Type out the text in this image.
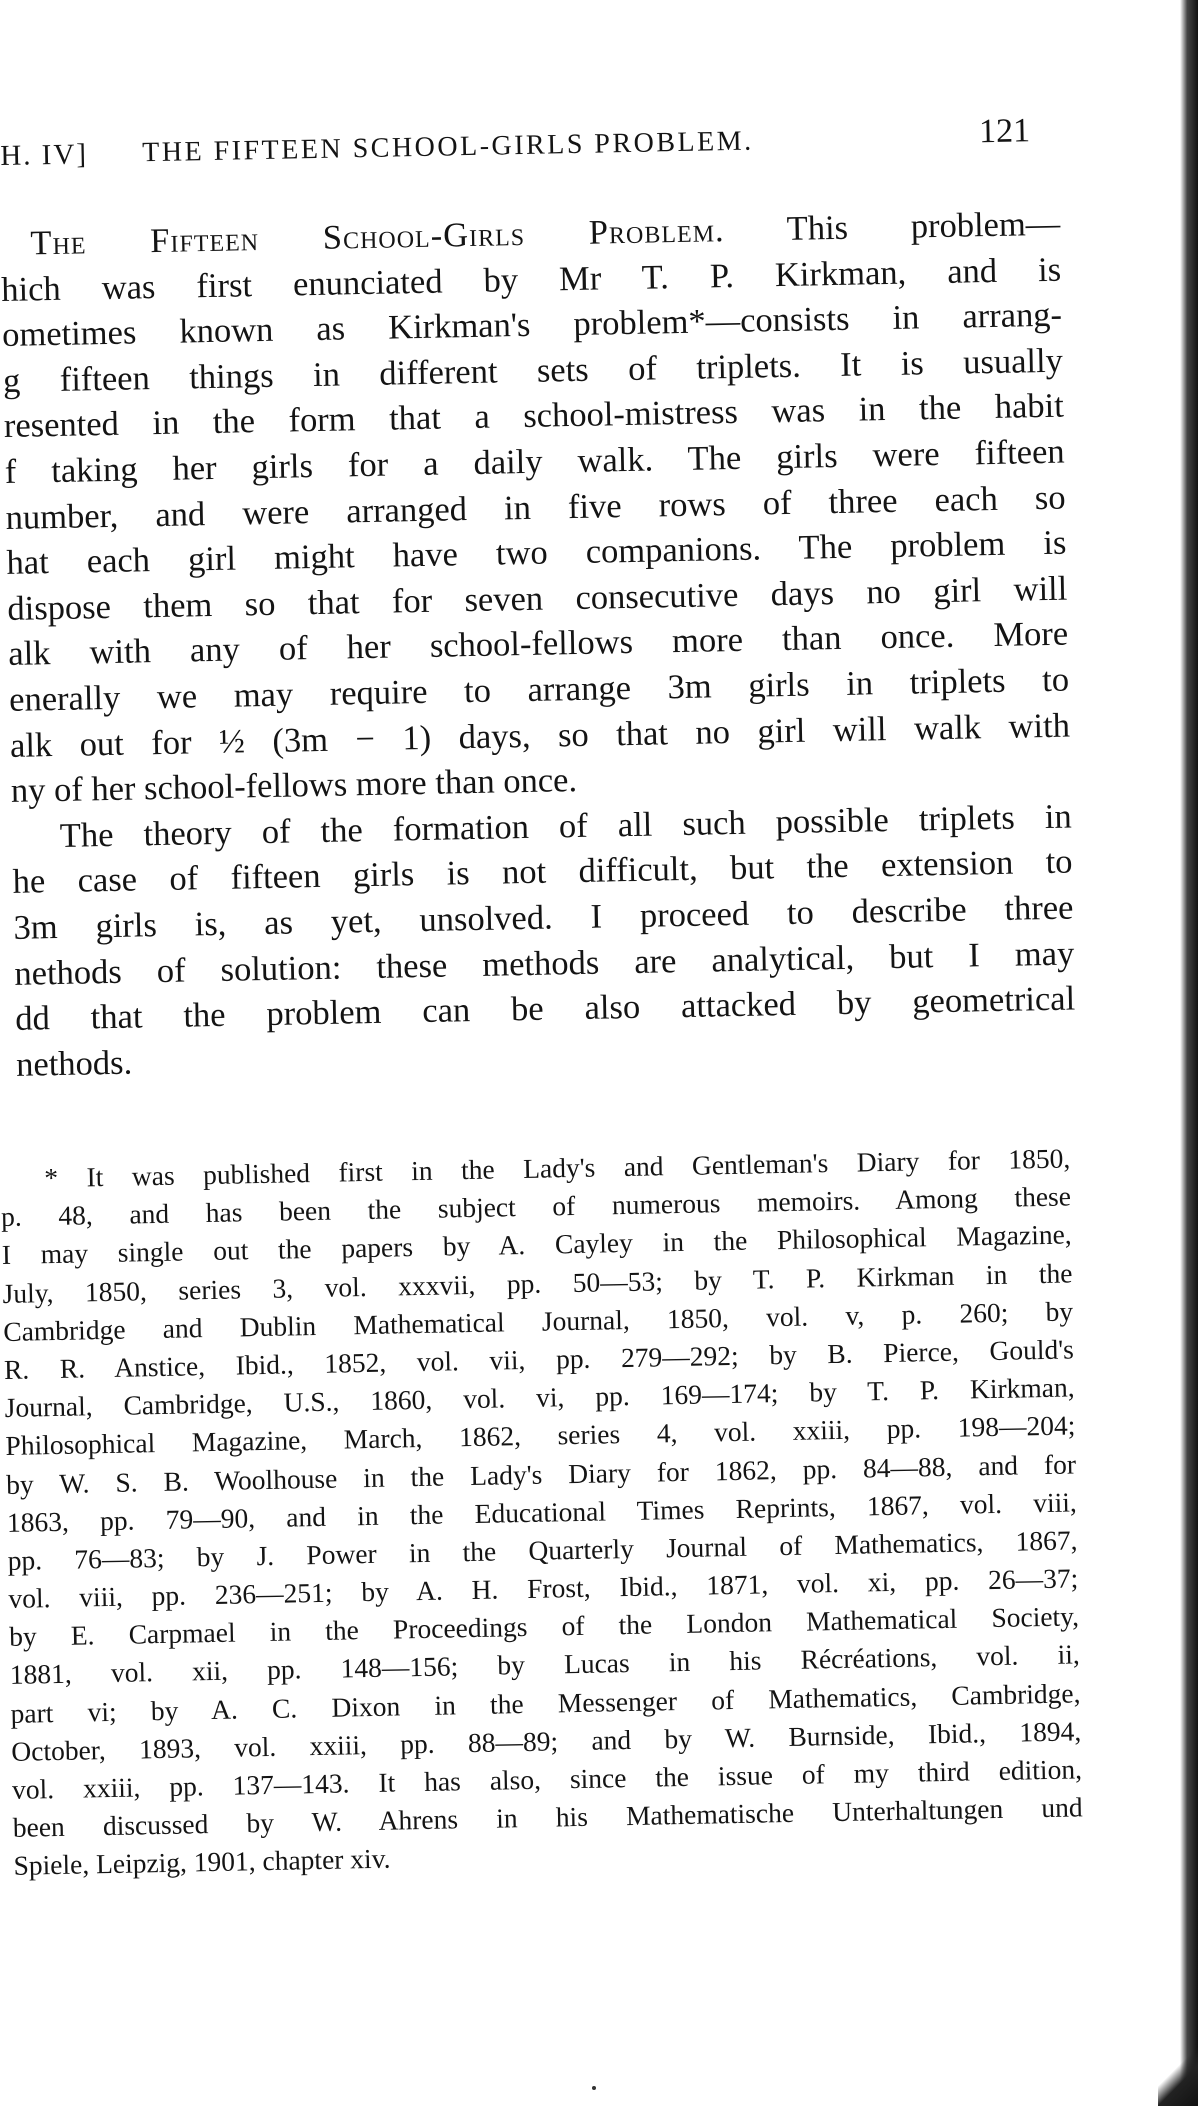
H. IV] THE FIFTEEN SCHOOL-GIRLS PROBLEM.	121
The Fifteen School-Girls Problem. This problem—
hich was first enunciated by Mr T. P. Kirkman, and is
ometimes known as Kirkman's problem*—consists in arrang-
g fifteen things in different sets of triplets. It is usually
resented in the form that a school-mistress was in the habit
f taking her girls for a daily walk. The girls were fifteen
number, and were arranged in five rows of three each so
hat each girl might have two companions. The problem is
dispose them so that for seven consecutive days no girl will
alk with any of her school-fellows more than once. More
enerally we may require to arrange 3m girls in triplets to
alk out for ½ (3m − 1) days, so that no girl will walk with
ny of her school-fellows more than once.
The theory of the formation of all such possible triplets in
he case of fifteen girls is not difficult, but the extension to
3m girls is, as yet, unsolved. I proceed to describe three
nethods of solution: these methods are analytical, but I may
dd that the problem can be also attacked by geometrical
nethods.
* It was published first in the Lady's and Gentleman's Diary for 1850,
p. 48, and has been the subject of numerous memoirs. Among these
I may single out the papers by A. Cayley in the Philosophical Magazine,
July, 1850, series 3, vol. xxxvii, pp. 50—53; by T. P. Kirkman in the
Cambridge and Dublin Mathematical Journal, 1850, vol. v, p. 260; by
R. R. Anstice, Ibid., 1852, vol. vii, pp. 279—292; by B. Pierce, Gould's
Journal, Cambridge, U.S., 1860, vol. vi, pp. 169—174; by T. P. Kirkman,
Philosophical Magazine, March, 1862, series 4, vol. xxiii, pp. 198—204;
by W. S. B. Woolhouse in the Lady's Diary for 1862, pp. 84—88, and for
1863, pp. 79—90, and in the Educational Times Reprints, 1867, vol. viii,
pp. 76—83; by J. Power in the Quarterly Journal of Mathematics, 1867,
vol. viii, pp. 236—251; by A. H. Frost, Ibid., 1871, vol. xi, pp. 26—37;
by E. Carpmael in the Proceedings of the London Mathematical Society,
1881, vol. xii, pp. 148—156; by Lucas in his Récréations, vol. ii,
part vi; by A. C. Dixon in the Messenger of Mathematics, Cambridge,
October, 1893, vol. xxiii, pp. 88—89; and by W. Burnside, Ibid., 1894,
vol. xxiii, pp. 137—143. It has also, since the issue of my third edition,
been discussed by W. Ahrens in his Mathematische Unterhaltungen und
Spiele, Leipzig, 1901, chapter xiv.
